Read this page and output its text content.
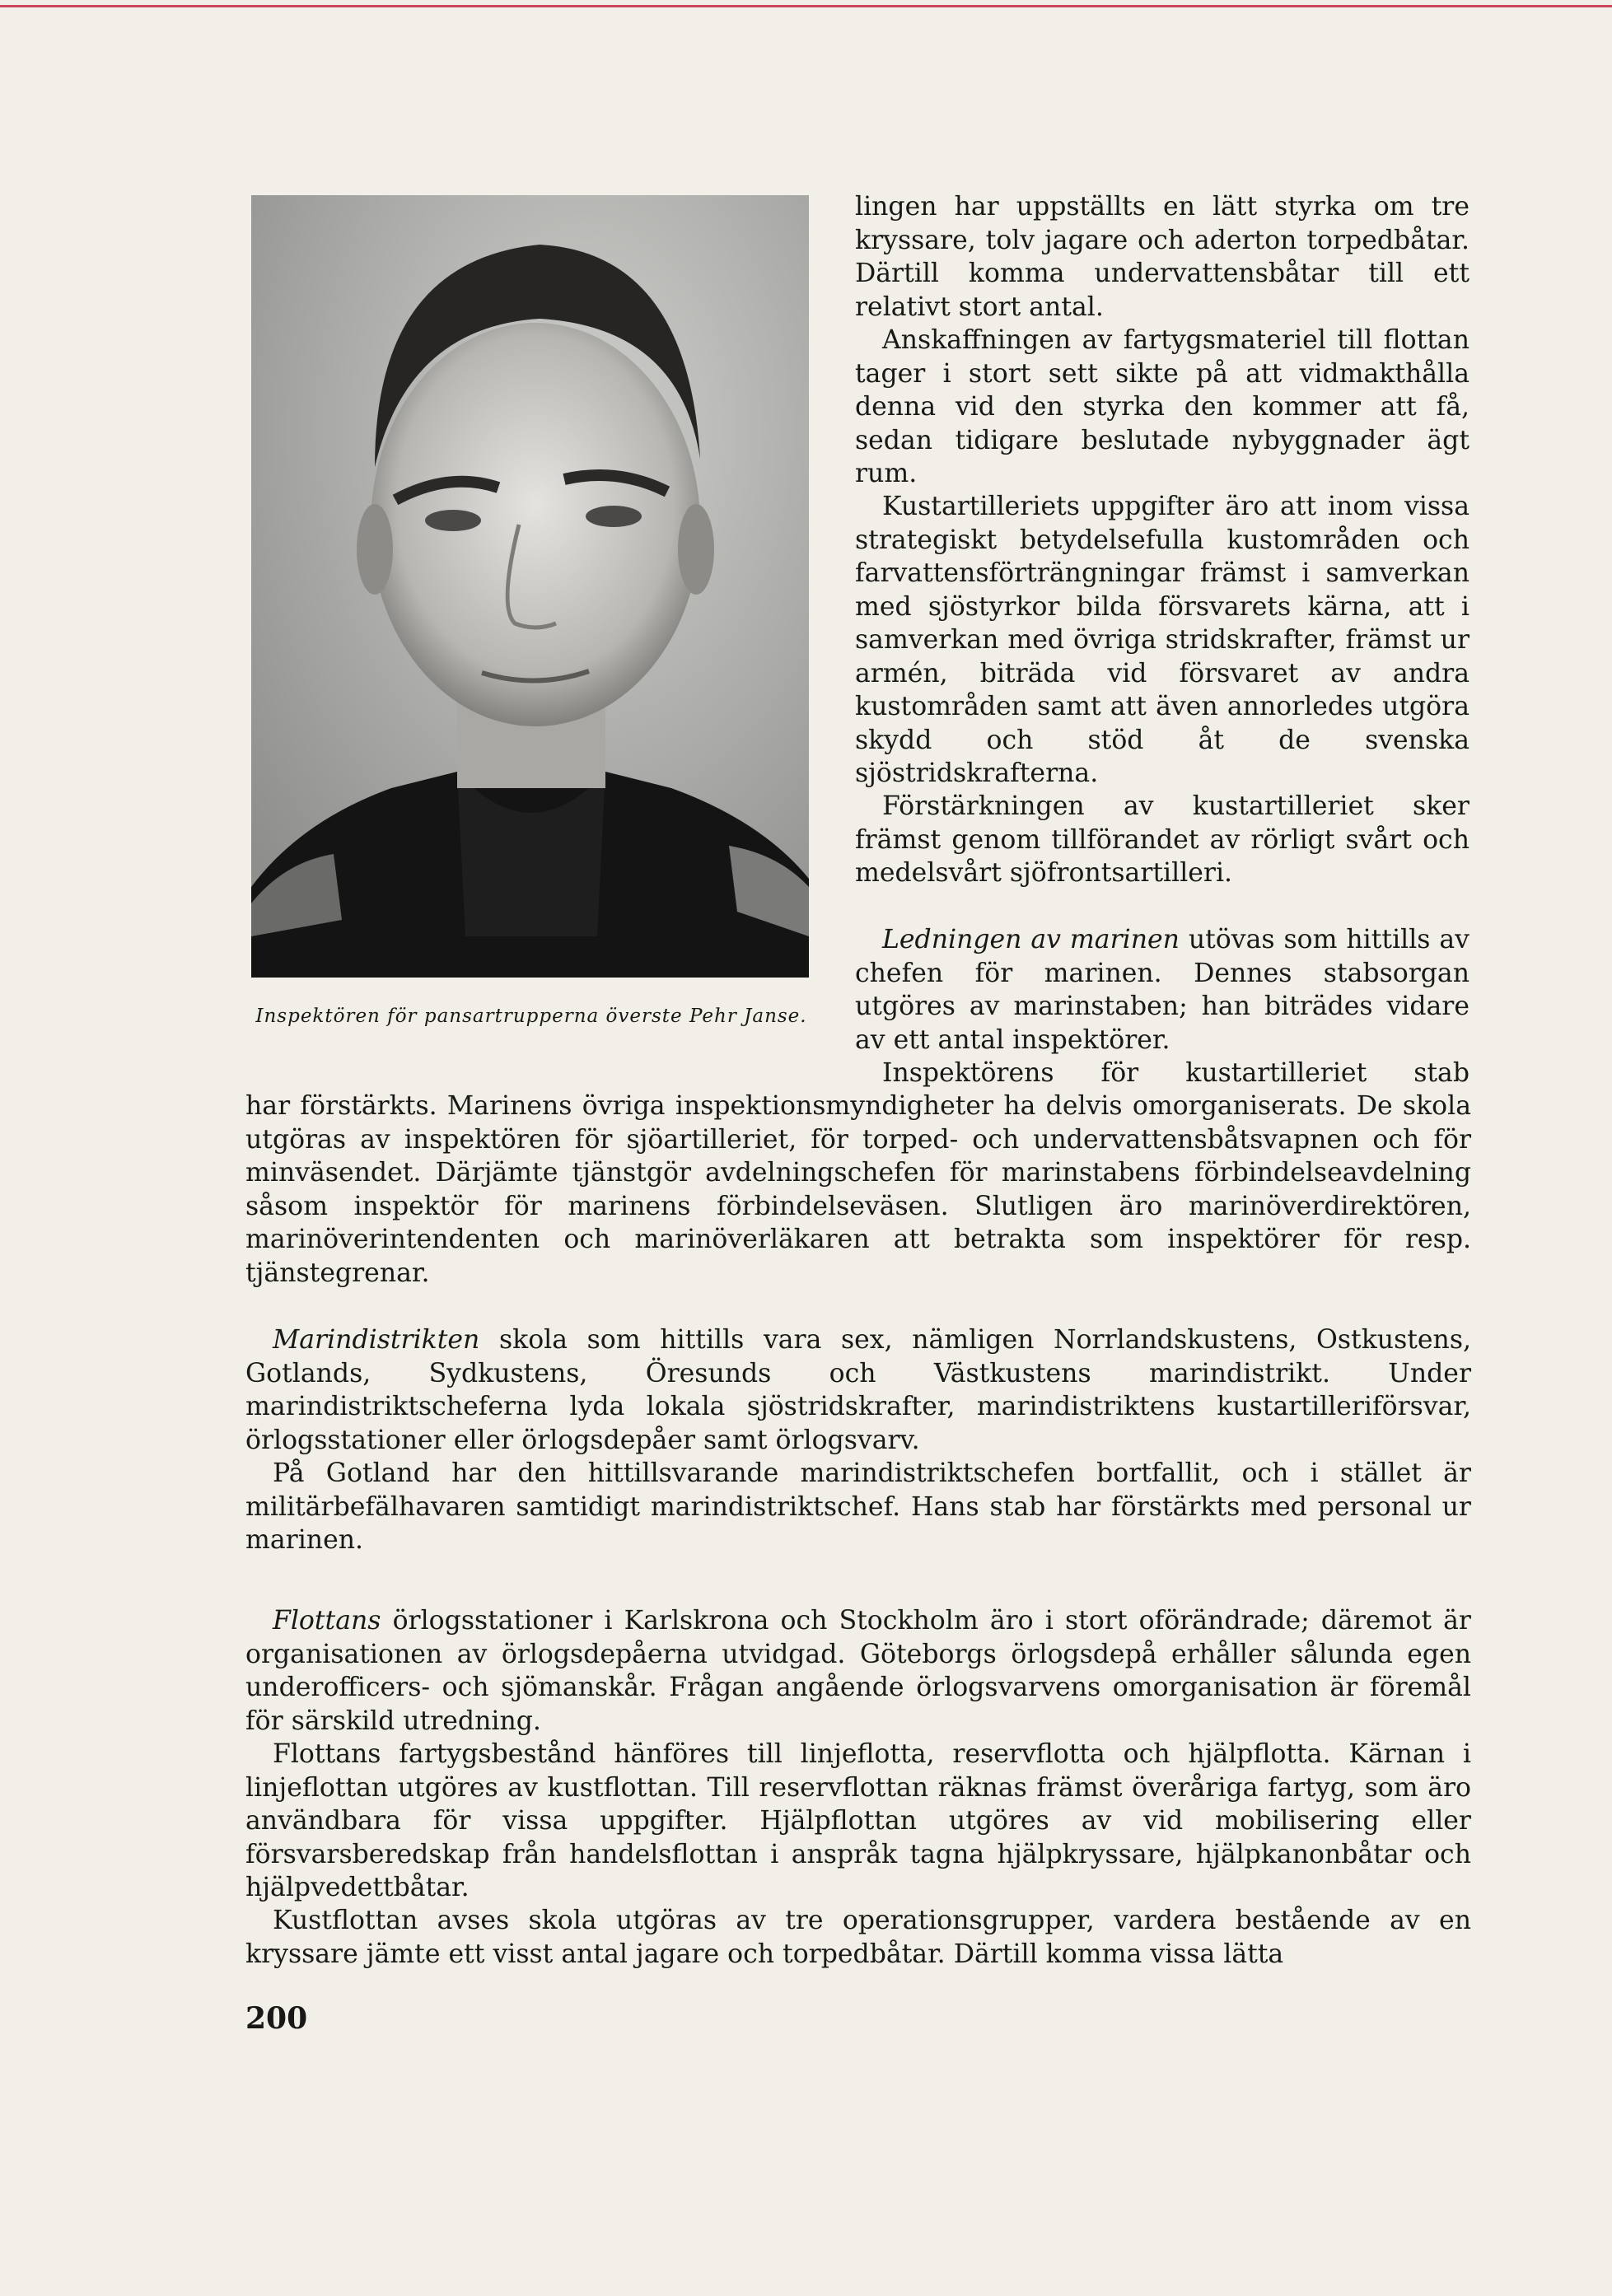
Inspektören för pansartrupperna överste Pehr Janse.

lingen har uppställts en lätt styrka om tre kryssare, tolv jagare och aderton torpedbåtar. Därtill komma undervattensbåtar till ett relativt stort antal.

Anskaffningen av fartygsmateriel till flottan tager i stort sett sikte på att vidmakthålla denna vid den styrka den kommer att få, sedan tidigare beslutade nybyggnader ägt rum.

Kustartilleriets uppgifter äro att inom vissa strategiskt betydelsefulla kustområden och farvattensförträngningar främst i samverkan med sjöstyrkor bilda försvarets kärna, att i samverkan med övriga stridskrafter, främst ur armén, biträda vid försvaret av andra kustområden samt att även annorledes utgöra skydd och stöd åt de svenska sjöstridskrafterna.

Förstärkningen av kustartilleriet sker främst genom tillförandet av rörligt svårt och medelsvårt sjöfrontsartilleri.

Ledningen av marinen utövas som hittills av chefen för marinen. Dennes stabsorgan utgöres av marinstaben; han biträdes vidare av ett antal inspektörer.

Inspektörens för kustartilleriet stab

har förstärkts. Marinens övriga inspektionsmyndigheter ha delvis omorganiserats. De skola utgöras av inspektören för sjöartilleriet, för torped- och undervattensbåtsvapnen och för minväsendet. Därjämte tjänstgör avdelningschefen för marinstabens förbindelseavdelning såsom inspektör för marinens förbindelseväsen. Slutligen äro marinöverdirektören, marinöverintendenten och marinöverläkaren att betrakta som inspektörer för resp. tjänstegrenar.

Marindistrikten skola som hittills vara sex, nämligen Norrlandskustens, Ostkustens, Gotlands, Sydkustens, Öresunds och Västkustens marindistrikt. Under marindistriktscheferna lyda lokala sjöstridskrafter, marindistriktens kustartilleriförsvar, örlogsstationer eller örlogsdepåer samt örlogsvarv.

På Gotland har den hittillsvarande marindistriktschefen bortfallit, och i stället är militärbefälhavaren samtidigt marindistriktschef. Hans stab har förstärkts med personal ur marinen.

Flottans örlogsstationer i Karlskrona och Stockholm äro i stort oförändrade; däremot är organisationen av örlogsdepåerna utvidgad. Göteborgs örlogsdepå erhåller sålunda egen underofficers- och sjömanskår. Frågan angående örlogsvarvens omorganisation är föremål för särskild utredning.

Flottans fartygsbestånd hänföres till linjeflotta, reservflotta och hjälpflotta. Kärnan i linjeflottan utgöres av kustflottan. Till reservflottan räknas främst överåriga fartyg, som äro användbara för vissa uppgifter. Hjälpflottan utgöres av vid mobilisering eller försvarsberedskap från handelsflottan i anspråk tagna hjälpkryssare, hjälpkanonbåtar och hjälpvedettbåtar.

Kustflottan avses skola utgöras av tre operationsgrupper, vardera bestående av en kryssare jämte ett visst antal jagare och torpedbåtar. Därtill komma vissa lätta

200
